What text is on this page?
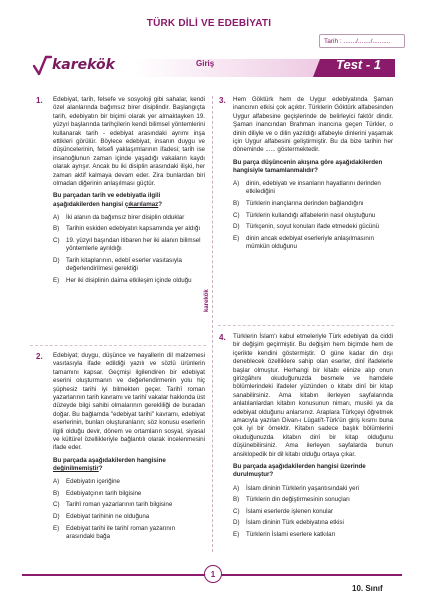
TÜRK DİLİ VE EDEBİYATI
Tarih : ......./......./..........
karekök	Giriş	Test - 1
1. Edebiyat, tarih, felsefe ve sosyoloji gibi sahalar, kendi özel alanlarında bağımsız birer disiplindir. Başlangıçta tarih, edebiyatın bir biçimi olarak yer almaktayken 19. yüzyıl başlarında tarihçilerin kendi bilimsel yöntemlerini kullanarak tarih - edebiyat arasındaki ayrımı inşa ettikleri görülür. Böylece edebiyat, insanın duygu ve düşüncelerinin, felsefi yaklaşımlarının ifadesi; tarih ise insanoğlunun zaman içinde yaşadığı vakaların kaydı olarak ayrışır. Ancak bu iki disiplin arasındaki ilişki, her zaman aktif kalmaya devam eder. Zira bunlardan biri olmadan diğerinin anlaşılması güçtür.
Bu parçadan tarih ve edebiyatla ilgili aşağıdakilerden hangisi çıkarılamaz?
A)	İki alanın da bağımsız birer disiplin olduklar
B)	Tarihin eskiden edebiyatın kapsamında yer aldığı
C)	19. yüzyıl başından itibaren her iki alanın bilimsel yöntemlerle ayrıldığı
D)	Tarih kitaplarının, edebî eserler vasıtasıyla değerlendirilmesi gerektiği
E)	Her iki disiplinin daima etkileşim içinde olduğu
2. Edebiyat; duygu, düşünce ve hayallerin dil malzemesi vasıtasıyla ifade edildiği yazılı ve sözlü ürünlerin tamamını kapsar. Geçmişi ilgilendiren bir edebiyat eserini oluşturmanın ve değerlendirmenin yolu hiç şüphesiz tarihi iyi bilmekten geçer. Tarihî roman yazarlarının tarih kavramı ve tarihî vakalar hakkında üst düzeyde bilgi sahibi olmalarının gerekliliği de buradan doğar. Bu bağlamda "edebiyat tarihi" kavramı, edebiyat eserlerinin, bunları oluşturanların; söz konusu eserlerin ilgili olduğu devir, dönem ve ortamların sosyal, siyasal ve kültürel özellikleriyle bağlantılı olarak incelenmesini ifade eder.
Bu parçada aşağıdakilerden hangisine değinilmemiştir?
A)	Edebiyatın içeriğine
B)	Edebiyatçının tarih bilgisine
C)	Tarihî roman yazarlarının tarih bilgisine
D)	Edebiyat tarihinin ne olduğuna
E)	Edebiyat tarihi ile tarihî roman yazarının arasındaki bağa
karekök
3. Hem Göktürk hem de Uygur edebiyatında Şaman inancının etkisi çok açıktır. Türklerin Göktürk alfabesinden Uygur alfabesine geçişlerinde de belirleyici faktör dindir. Şaman inancından Brahman inancına geçen Türkler, o dinin diliyle ve o dilin yazıldığı alfabeyle dinlerini yaşamak için Uygur alfabesini geliştirmiştir. Bu da bize tarihin her döneminde ...... göstermektedir.
Bu parça düşüncenin akışına göre aşağıdakilerden hangisiyle tamamlanmalıdır?
A)	dinin, edebiyatı ve insanların hayatlarını derinden etkilediğini
B)	Türklerin inançlarına derinden bağlandığını
C)	Türklerin kullandığı alfabelerin nasıl oluştuğunu
D)	Türkçenin, soyut konuları ifade etmedeki gücünü
E)	dinin ancak edebiyat eserleriyle anlaşılmasının mümkün olduğunu
4. Türklerin İslam'ı kabul etmeleriyle Türk edebiyatı da ciddi bir değişim geçirmiştir. Bu değişim hem biçimde hem de içerikte kendini göstermiştir. O güne kadar din dışı deneblecek özelliklere sahip olan eserler, dinî ifadelerle başlar olmuştur. Herhangi bir kitabı elinize alıp onun girizgâhını okuduğunuzda besmele ve hamdele bölümlerindeki ifadeler yüzünden o kitabı dinî bir kitap sanabilirsiniz. Ama kitabın ilerleyen sayfalarında anlatılanlardan kitabın konusunun nimarı, musiki ya da edebiyat olduğunu anlarsınız. Araplara Türkçeyi öğretmek amacıyla yazılan Divan-ı Lügati't-Türk'ün giriş kısmı buna çok iyi bir örnektir. Kitabın sadece başlık bölümlerini okuduğunuzda kitabın dinî bir kitap olduğunu düşünebilirsiniz. Ama ilerleyen sayfalarda bunun ansiklopedik bir dil kitabı olduğu ortaya çıkar.
Bu parçada aşağıdakilerden hangisi üzerinde durulmuştur?
A)	İslam dininin Türklerin yaşantısındaki yeri
B)	Türklerin din değiştirmesinin sonuçları
C)	İslami eserlerde işlenen konular
D)	İslam dininin Türk edebiyatına etkisi
E)	Türklerin İslami eserlere katkıları
1
10. Sınıf
